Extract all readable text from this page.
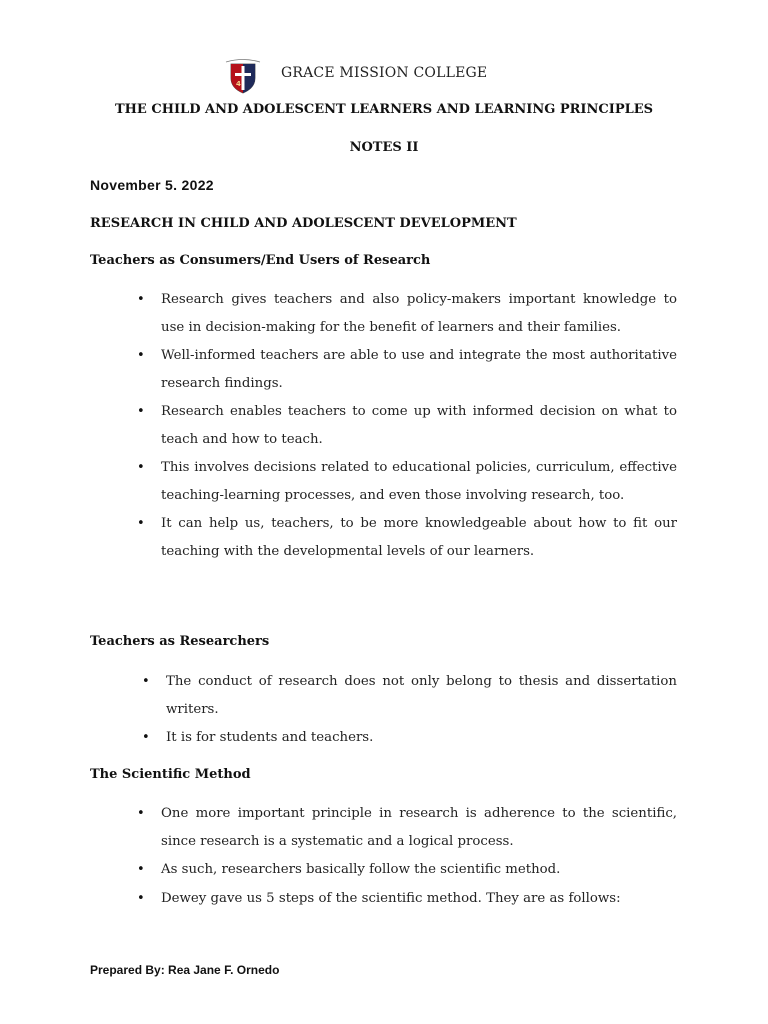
4
GRACE MISSION COLLEGE
THE CHILD AND ADOLESCENT LEARNERS AND LEARNING PRINCIPLES
NOTES II
November 5. 2022
RESEARCH IN CHILD AND ADOLESCENT DEVELOPMENT
Teachers as Consumers/End Users of Research
• Research gives teachers and also policy-makers important knowledge to use in decision-making for the benefit of learners and their families.
• Well-informed teachers are able to use and integrate the most authoritative research findings.
• Research enables teachers to come up with informed decision on what to teach and how to teach.
• This involves decisions related to educational policies, curriculum, effective teaching-learning processes, and even those involving research, too.
• It can help us, teachers, to be more knowledgeable about how to fit our teaching with the developmental levels of our learners.
Teachers as Researchers
• The conduct of research does not only belong to thesis and dissertation writers.
• It is for students and teachers.
The Scientific Method
• One more important principle in research is adherence to the scientific, since research is a systematic and a logical process.
• As such, researchers basically follow the scientific method.
• Dewey gave us 5 steps of the scientific method. They are as follows:
Prepared By: Rea Jane F. Ornedo
